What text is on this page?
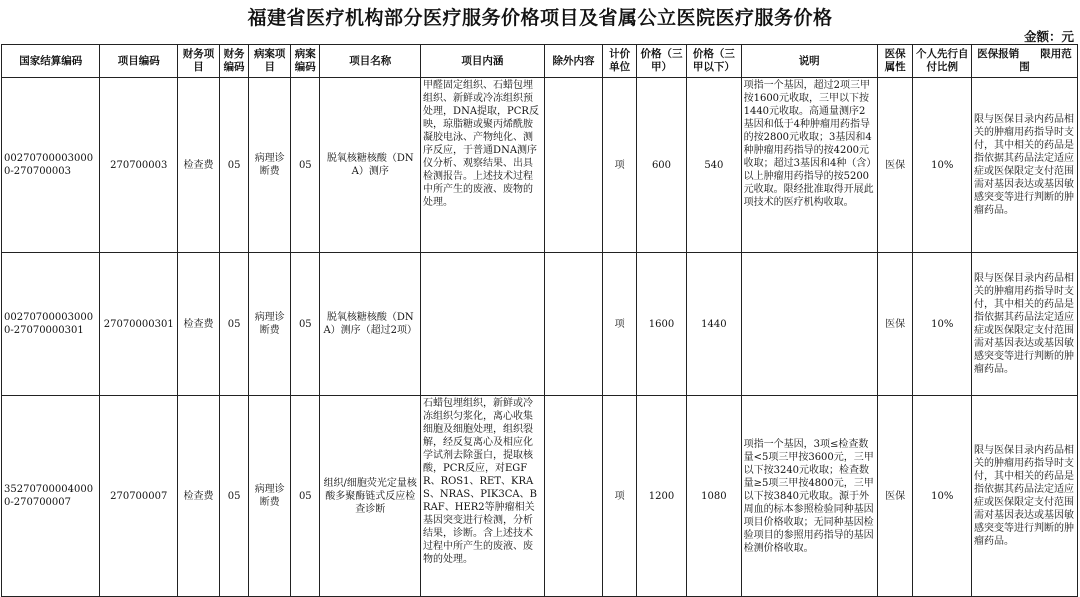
福建省医疗机构部分医疗服务价格项目及省属公立医院医疗服务价格
金额：元
国家结算编码	项目编码	财务项目	财务编码	病案项目	病案编码	项目名称	项目内涵	除外内容	计价单位	价格（三甲）	价格（三甲以下）	说明	医保属性	个人先行自付比例	医保报销　　限用范围
002707000030000-270700003	270700003	检查费	05	病理诊断费	05	脱氧核糖核酸（DNA）测序	甲醛固定组织、石蜡包埋组织、新鲜或冷冻组织预处理，DNA提取，PCR反映，琼脂糖或聚丙烯酰胺凝胶电泳、产物纯化、测序反应，于普通DNA测序仪分析、观察结果、出具检测报告。上述技术过程中所产生的废液、废物的处理。		项	600	540	项指一个基因，超过2项三甲按1600元收取，三甲以下按1440元收取。高通量测序2基因和低于4种肿瘤用药指导的按2800元收取；3基因和4种肿瘤用药指导的按4200元收取；超过3基因和4种（含）以上肿瘤用药指导的按5200元收取。限经批准取得开展此项技术的医疗机构收取。	医保	10%	限与医保目录内药品相关的肿瘤用药指导时支付，其中相关的药品是指依据其药品法定适应症或医保限定支付范围需对基因表达或基因敏感突变等进行判断的肿瘤药品。
002707000030000-27070000301	27070000301	检查费	05	病理诊断费	05	脱氧核糖核酸（DNA）测序（超过2项）			项	1600	1440		医保	10%	限与医保目录内药品相关的肿瘤用药指导时支付，其中相关的药品是指依据其药品法定适应症或医保限定支付范围需对基因表达或基因敏感突变等进行判断的肿瘤药品。
352707000040000-270700007	270700007	检查费	05	病理诊断费	05	组织/细胞荧光定量核酸多聚酶链式反应检查诊断	石蜡包埋组织，新鲜或冷冻组织匀浆化，离心收集细胞及细胞处理，组织裂解，经反复离心及相应化学试剂去除蛋白，提取核酸，PCR反应，对EGFR、ROS1、RET、KRAS、NRAS、PIK3CA、BRAF、HER2等肿瘤相关基因突变进行检测，分析结果，诊断。含上述技术过程中所产生的废液、废物的处理。		项	1200	1080	项指一个基因，3项≤检查数量<5项三甲按3600元，三甲以下按3240元收取；检查数量≥5项三甲按4800元，三甲以下按3840元收取。源于外周血的标本参照检验同种基因项目价格收取；无同种基因检验项目的参照用药指导的基因检测价格收取。	医保	10%	限与医保目录内药品相关的肿瘤用药指导时支付，其中相关的药品是指依据其药品法定适应症或医保限定支付范围需对基因表达或基因敏感突变等进行判断的肿瘤药品。
